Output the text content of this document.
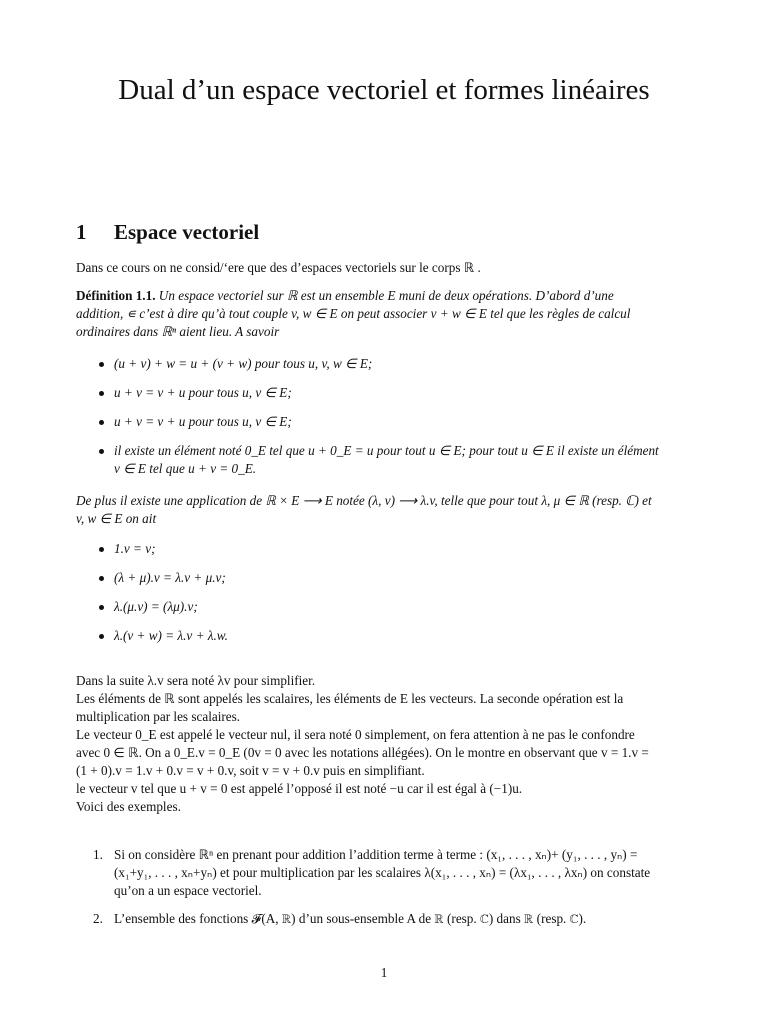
Dual d’un espace vectoriel et formes linéaires
1 Espace vectoriel
Dans ce cours on ne consid/‘ere que des d’espaces vectoriels sur le corps ℝ .
Définition 1.1. Un espace vectoriel sur ℝ est un ensemble E muni de deux opérations. D’abord d’une addition, ∊ c’est à dire qu’à tout couple v, w ∈ E on peut associer v + w ∈ E tel que les règles de calcul ordinaires dans ℝⁿ aient lieu. A savoir
(u + v) + w = u + (v + w) pour tous u, v, w ∈ E;
u + v = v + u pour tous u, v ∈ E;
u + v = v + u pour tous u, v ∈ E;
il existe un élément noté 0_E tel que u + 0_E = u pour tout u ∈ E; pour tout u ∈ E il existe un élément v ∈ E tel que u + v = 0_E.
De plus il existe une application de ℝ × E ⟶ E notée (λ, v) ⟶ λ.v, telle que pour tout λ, μ ∈ ℝ (resp. ℂ) et v, w ∈ E on ait
1.v = v;
(λ + μ).v = λ.v + μ.v;
λ.(μ.v) = (λμ).v;
λ.(v + w) = λ.v + λ.w.
Dans la suite λ.v sera noté λv pour simplifier.
Les éléments de ℝ sont appelés les scalaires, les éléments de E les vecteurs. La seconde opération est la multiplication par les scalaires.
Le vecteur 0_E est appelé le vecteur nul, il sera noté 0 simplement, on fera attention à ne pas le confondre avec 0 ∈ ℝ. On a 0_E.v = 0_E (0v = 0 avec les notations allégées). On le montre en observant que v = 1.v = (1 + 0).v = 1.v + 0.v = v + 0.v, soit v = v + 0.v puis en simplifiant.
le vecteur v tel que u + v = 0 est appelé l’opposé il est noté −u car il est égal à (−1)u.
Voici des exemples.
1. Si on considère ℝⁿ en prenant pour addition l’addition terme à terme : (x₁, . . . , xₙ)+ (y₁, . . . , yₙ) = (x₁+y₁, . . . , xₙ+yₙ) et pour multiplication par les scalaires λ(x₁, . . . , xₙ) = (λx₁, . . . , λxₙ) on constate qu’on a un espace vectoriel.
2. L’ensemble des fonctions 𝓕(A, ℝ) d’un sous-ensemble A de ℝ (resp. ℂ) dans ℝ (resp. ℂ).
1
